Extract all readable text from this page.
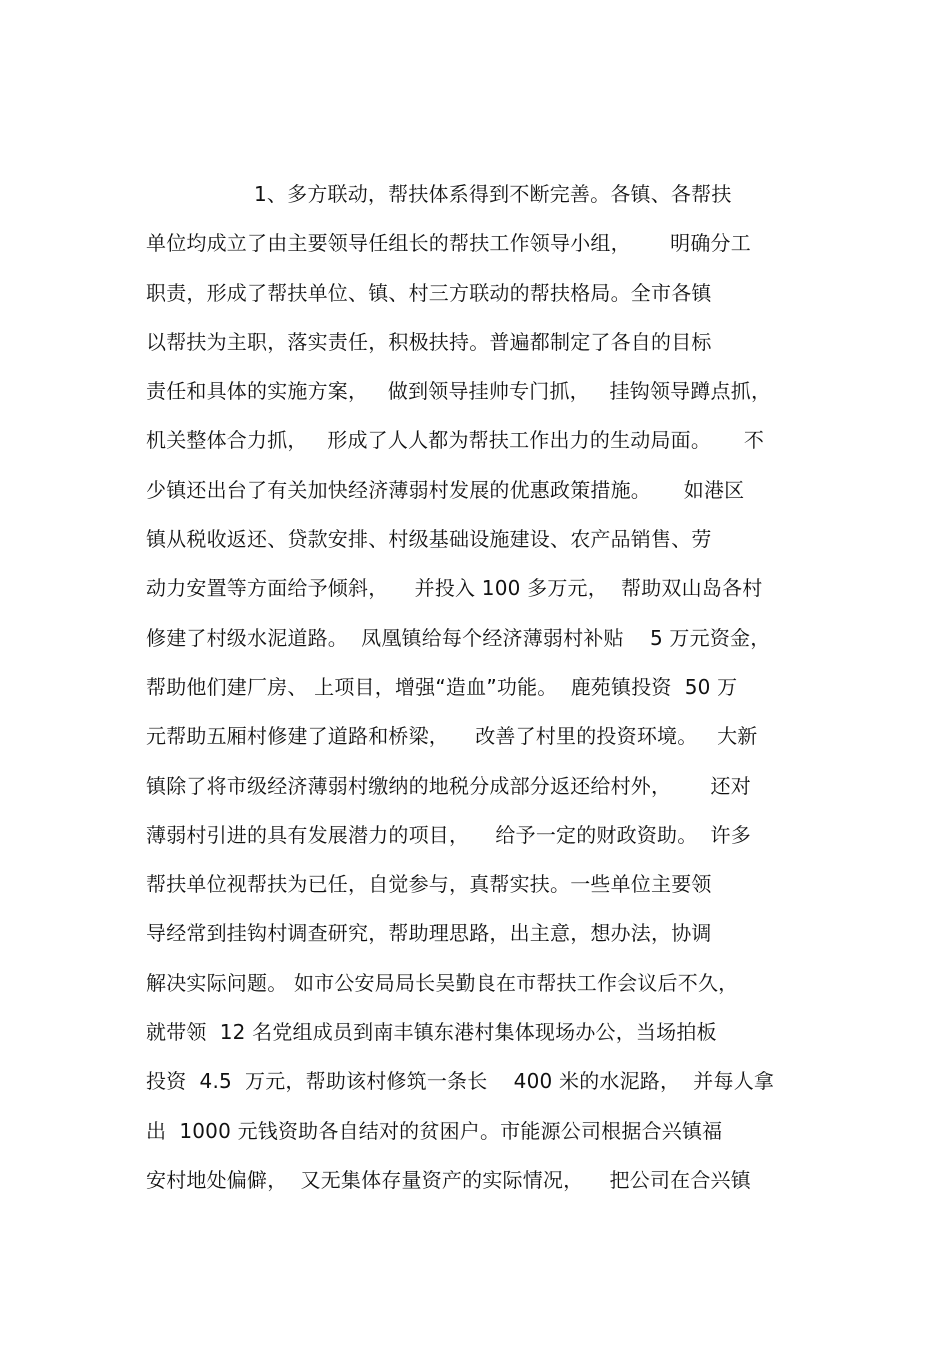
1、多方联动，帮扶体系得到不断完善。各镇、各帮扶
单位均成立了由主要领导任组长的帮扶工作领导小组，      明确分工
职责，形成了帮扶单位、镇、村三方联动的帮扶格局。全市各镇
以帮扶为主职，落实责任，积极扶持。普遍都制定了各自的目标
责任和具体的实施方案，   做到领导挂帅专门抓，   挂钩领导蹲点抓，
机关整体合力抓，   形成了人人都为帮扶工作出力的生动局面。     不
少镇还出台了有关加快经济薄弱村发展的优惠政策措施。     如港区
镇从税收返还、贷款安排、村级基础设施建设、农产品销售、劳
动力安置等方面给予倾斜，    并投入 100 多万元，  帮助双山岛各村
修建了村级水泥道路。  凤凰镇给每个经济薄弱村补贴    5 万元资金，
帮助他们建厂房、 上项目，增强“造血”功能。  鹿苑镇投资  50 万
元帮助五厢村修建了道路和桥梁，    改善了村里的投资环境。   大新
镇除了将市级经济薄弱村缴纳的地税分成部分返还给村外，      还对
薄弱村引进的具有发展潜力的项目，    给予一定的财政资助。  许多
帮扶单位视帮扶为已任，自觉参与，真帮实扶。一些单位主要领
导经常到挂钩村调查研究，帮助理思路，出主意，想办法，协调
解决实际问题。 如市公安局局长吴勤良在市帮扶工作会议后不久，
就带领  12 名党组成员到南丰镇东港村集体现场办公，当场拍板
投资  4.5  万元，帮助该村修筑一条长    400 米的水泥路，  并每人拿
出  1000 元钱资助各自结对的贫困户。市能源公司根据合兴镇福
安村地处偏僻，  又无集体存量资产的实际情况，    把公司在合兴镇
